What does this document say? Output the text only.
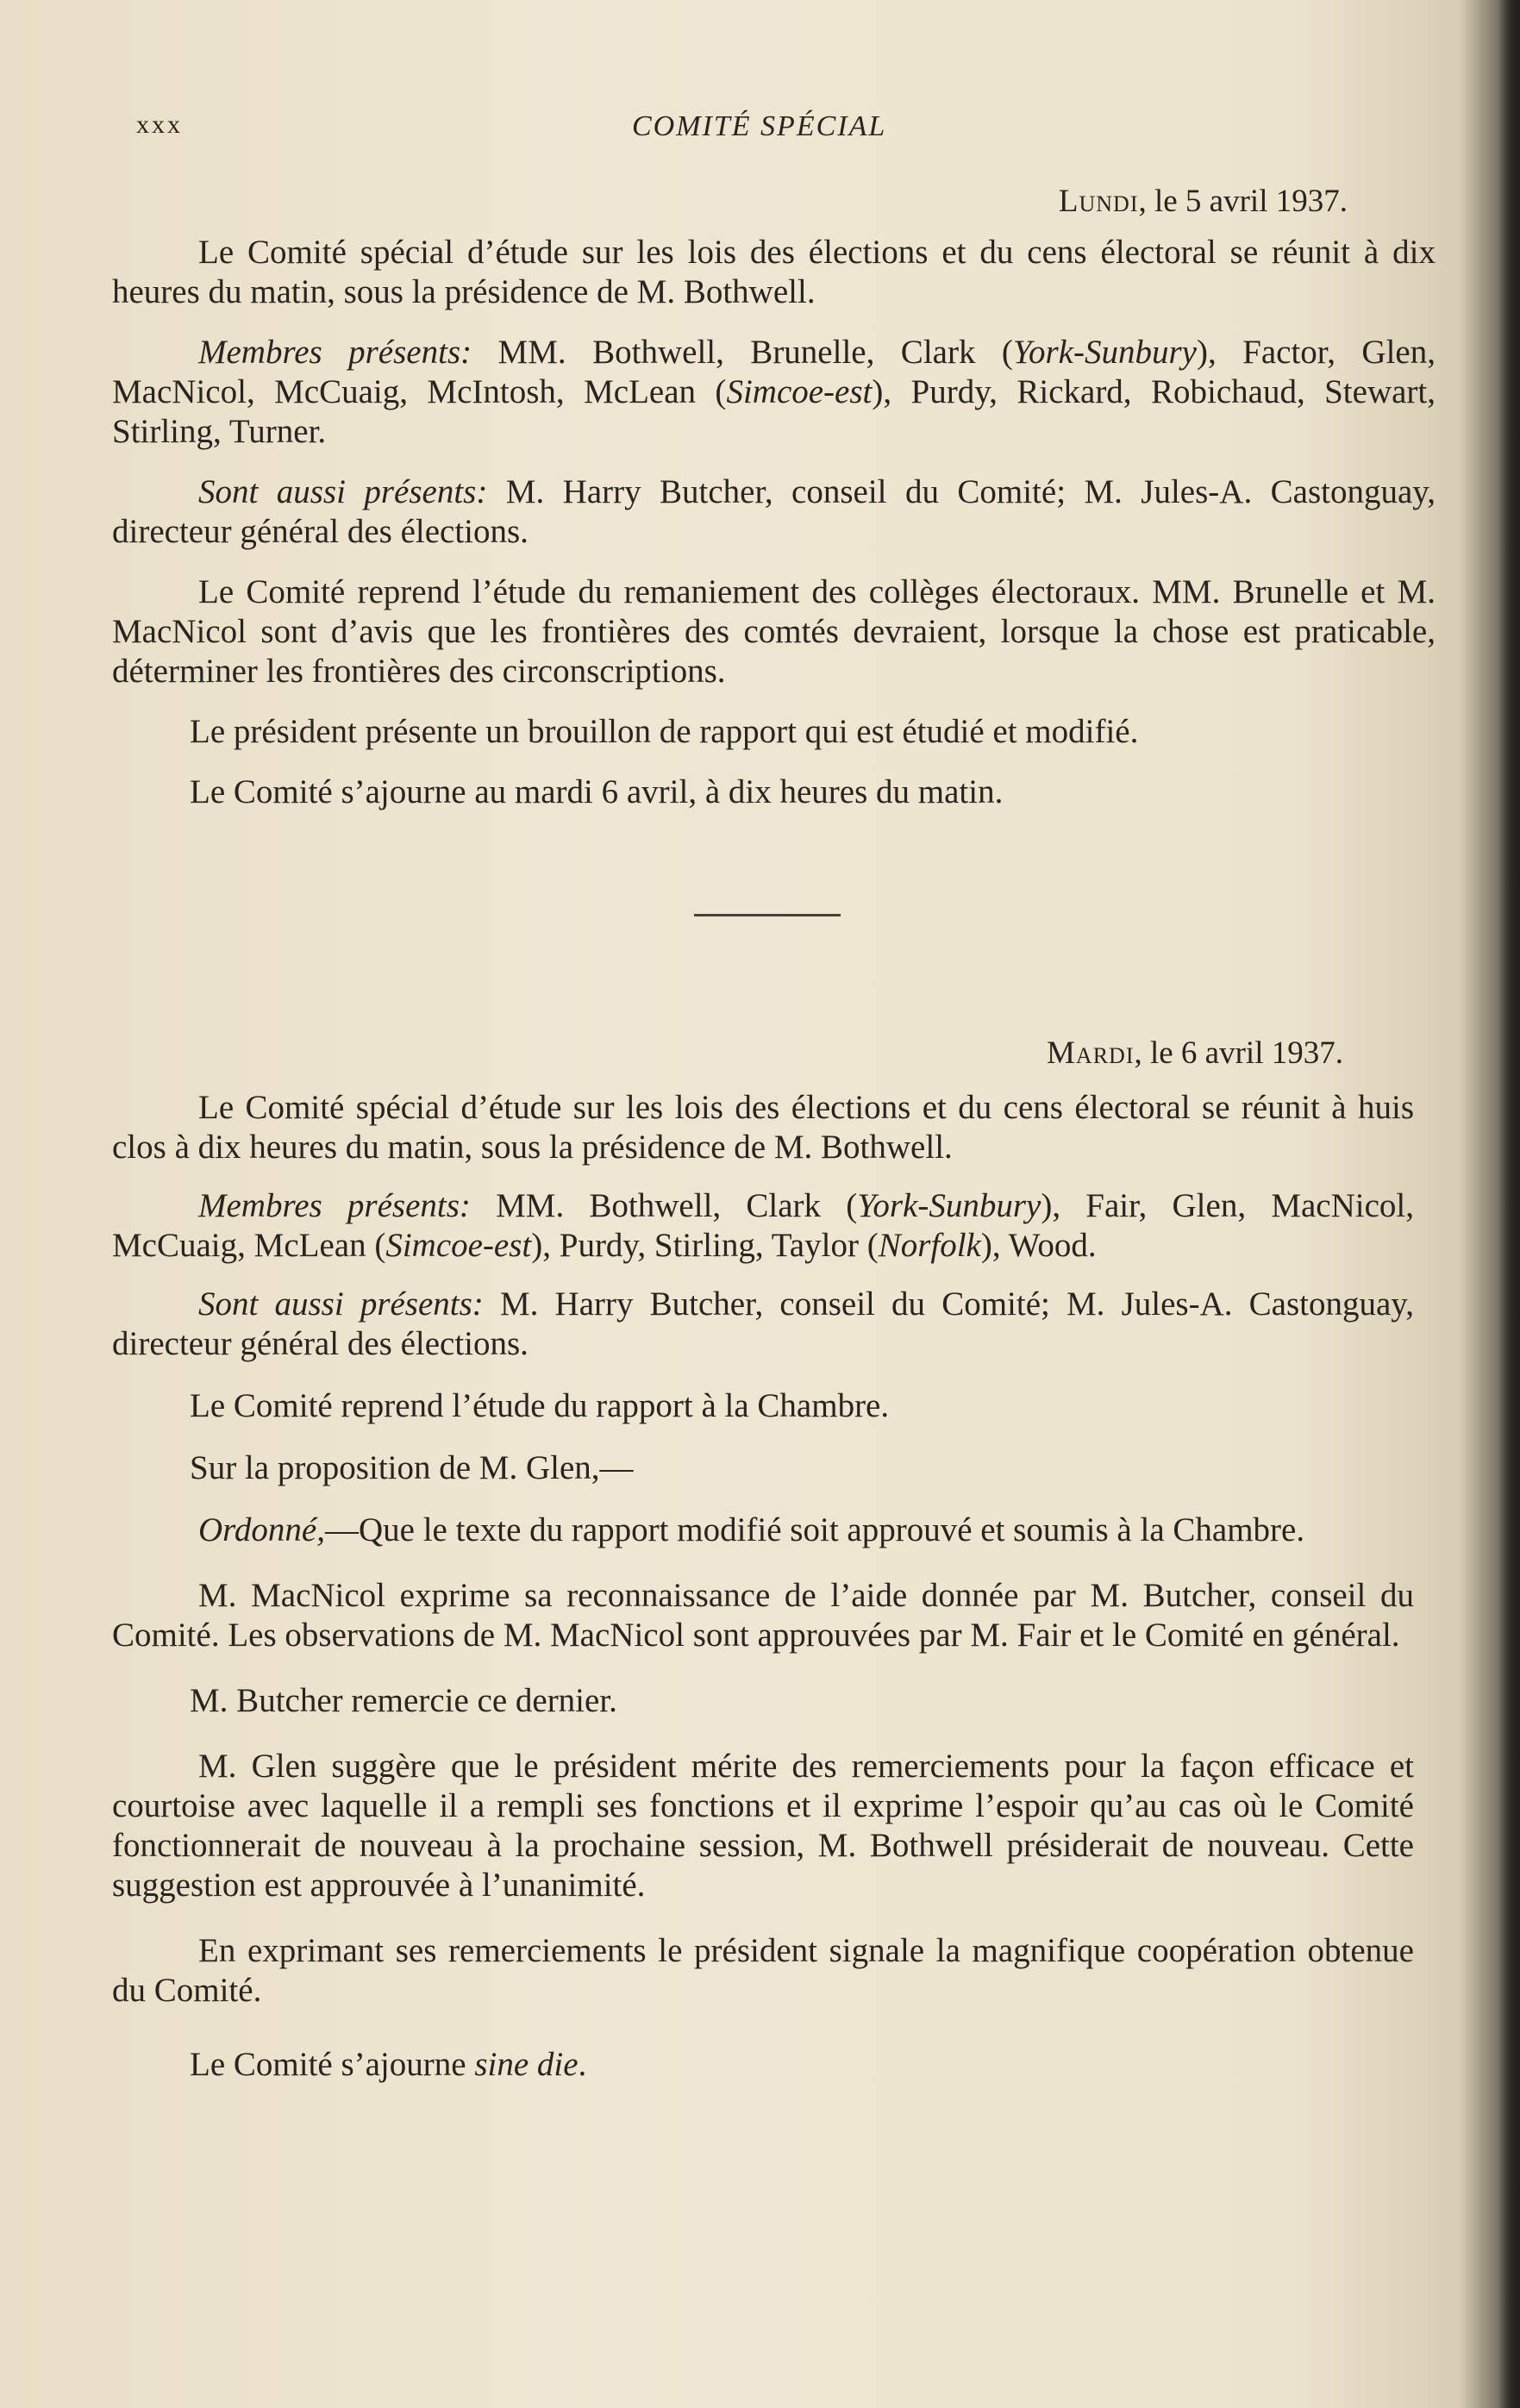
xxx	COMITÉ SPÉCIAL
Lundi, le 5 avril 1937.

Le Comité spécial d’étude sur les lois des élections et du cens électoral se réunit à dix heures du matin, sous la présidence de M. Bothwell.

Membres présents: MM. Bothwell, Brunelle, Clark (York-Sunbury), Factor, Glen, MacNicol, McCuaig, McIntosh, McLean (Simcoe-est), Purdy, Rickard, Robichaud, Stewart, Stirling, Turner.

Sont aussi présents: M. Harry Butcher, conseil du Comité; M. Jules-A. Castonguay, directeur général des élections.

Le Comité reprend l’étude du remaniement des collèges électoraux. MM. Brunelle et M. MacNicol sont d’avis que les frontières des comtés devraient, lorsque la chose est praticable, déterminer les frontières des circonscriptions.

Le président présente un brouillon de rapport qui est étudié et modifié.

Le Comité s’ajourne au mardi 6 avril, à dix heures du matin.

Mardi, le 6 avril 1937.

Le Comité spécial d’étude sur les lois des élections et du cens électoral se réunit à huis clos à dix heures du matin, sous la présidence de M. Bothwell.

Membres présents: MM. Bothwell, Clark (York-Sunbury), Fair, Glen, MacNicol, McCuaig, McLean (Simcoe-est), Purdy, Stirling, Taylor (Norfolk), Wood.

Sont aussi présents: M. Harry Butcher, conseil du Comité; M. Jules-A. Castonguay, directeur général des élections.

Le Comité reprend l’étude du rapport à la Chambre.

Sur la proposition de M. Glen,—

Ordonné,—Que le texte du rapport modifié soit approuvé et soumis à la Chambre.

M. MacNicol exprime sa reconnaissance de l’aide donnée par M. Butcher, conseil du Comité. Les observations de M. MacNicol sont approuvées par M. Fair et le Comité en général.

M. Butcher remercie ce dernier.

M. Glen suggère que le président mérite des remerciements pour la façon efficace et courtoise avec laquelle il a rempli ses fonctions et il exprime l’espoir qu’au cas où le Comité fonctionnerait de nouveau à la prochaine session, M. Bothwell présiderait de nouveau. Cette suggestion est approuvée à l’unanimité.

En exprimant ses remerciements le président signale la magnifique coopération obtenue du Comité.

Le Comité s’ajourne sine die.
